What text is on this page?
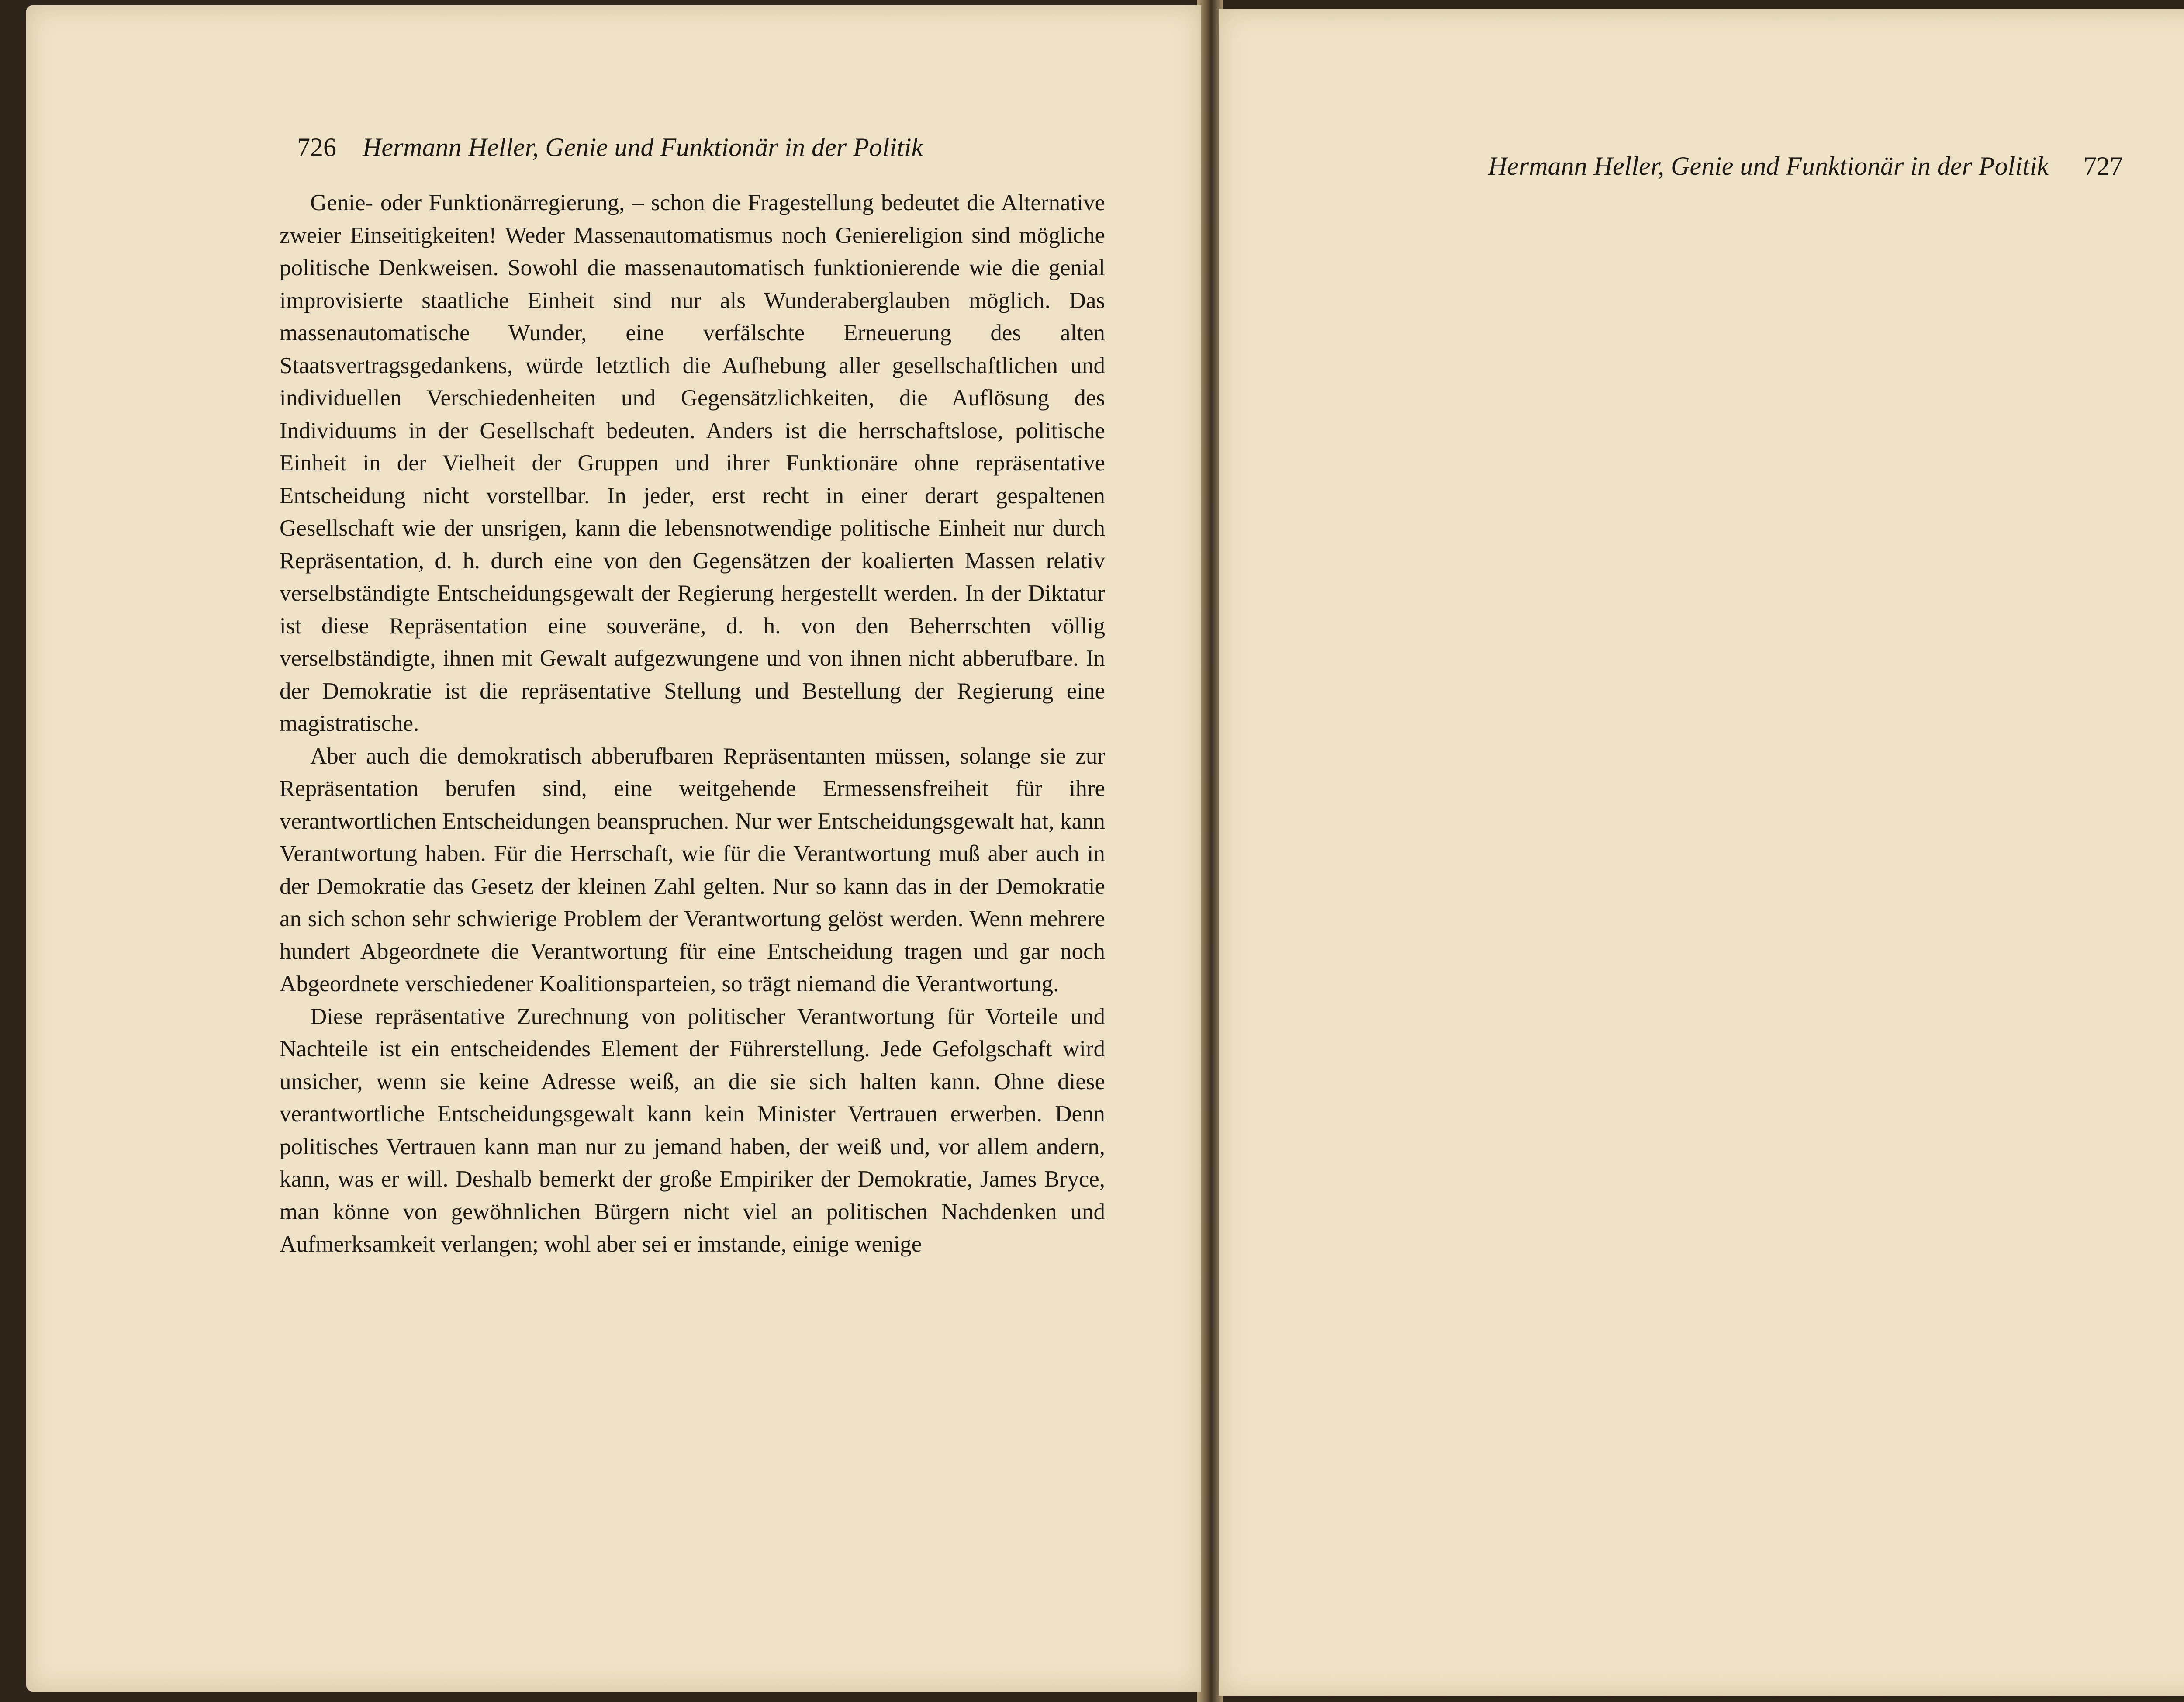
726 Hermann Heller, Genie und Funktionär in der Politik

Genie- oder Funktionärregierung, – schon die Fragestellung bedeutet die Alternative zweier Einseitigkeiten! Weder Massenautomatismus noch Geniereligion sind mögliche politische Denkweisen. Sowohl die massenautomatisch funktionierende wie die genial improvisierte staatliche Einheit sind nur als Wunderaberglauben möglich. Das massenautomatische Wunder, eine verfälschte Erneuerung des alten Staatsvertragsgedankens, würde letztlich die Aufhebung aller gesellschaftlichen und individuellen Verschiedenheiten und Gegensätzlichkeiten, die Auflösung des Individuums in der Gesellschaft bedeuten. Anders ist die herrschaftslose, politische Einheit in der Vielheit der Gruppen und ihrer Funktionäre ohne repräsentative Entscheidung nicht vorstellbar. In jeder, erst recht in einer derart gespaltenen Gesellschaft wie der unsrigen, kann die lebensnotwendige politische Einheit nur durch Repräsentation, d. h. durch eine von den Gegensätzen der koalierten Massen relativ verselbständigte Entscheidungsgewalt der Regierung hergestellt werden. In der Diktatur ist diese Repräsentation eine souveräne, d. h. von den Beherrschten völlig verselbständigte, ihnen mit Gewalt aufgezwungene und von ihnen nicht abberufbare. In der Demokratie ist die repräsentative Stellung und Bestellung der Regierung eine magistratische.

Aber auch die demokratisch abberufbaren Repräsentanten müssen, solange sie zur Repräsentation berufen sind, eine weitgehende Ermessensfreiheit für ihre verantwortlichen Entscheidungen beanspruchen. Nur wer Entscheidungsgewalt hat, kann Verantwortung haben. Für die Herrschaft, wie für die Verantwortung muß aber auch in der Demokratie das Gesetz der kleinen Zahl gelten. Nur so kann das in der Demokratie an sich schon sehr schwierige Problem der Verantwortung gelöst werden. Wenn mehrere hundert Abgeordnete die Verantwortung für eine Entscheidung tragen und gar noch Abgeordnete verschiedener Koalitionsparteien, so trägt niemand die Verantwortung.

Diese repräsentative Zurechnung von politischer Verantwortung für Vorteile und Nachteile ist ein entscheidendes Element der Führerstellung. Jede Gefolgschaft wird unsicher, wenn sie keine Adresse weiß, an die sie sich halten kann. Ohne diese verantwortliche Entscheidungsgewalt kann kein Minister Vertrauen erwerben. Denn politisches Vertrauen kann man nur zu jemand haben, der weiß und, vor allem andern, kann, was er will. Deshalb bemerkt der große Empiriker der Demokratie, James Bryce, man könne von gewöhnlichen Bürgern nicht viel an politischen Nachdenken und Aufmerksamkeit verlangen; wohl aber sei er imstande, einige wenige

Hermann Heller, Genie und Funktionär in der Politik 727
